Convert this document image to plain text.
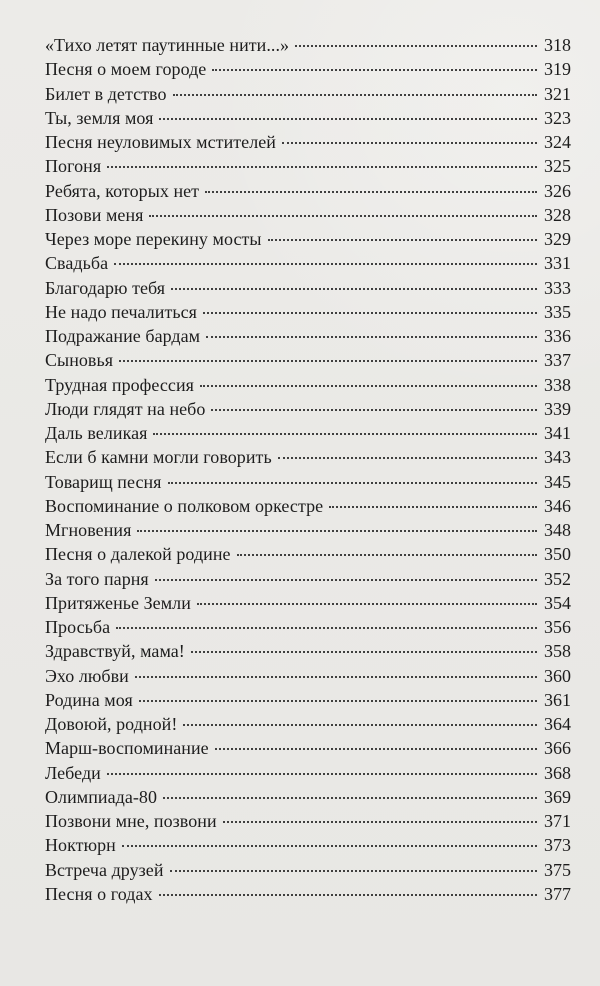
«Тихо летят паутинные нити...»	318
Песня о моем городе	319
Билет в детство	321
Ты, земля моя	323
Песня неуловимых мстителей	324
Погоня	325
Ребята, которых нет	326
Позови меня	328
Через море перекину мосты	329
Свадьба	331
Благодарю тебя	333
Не надо печалиться	335
Подражание бардам	336
Сыновья	337
Трудная профессия	338
Люди глядят на небо	339
Даль великая	341
Если б камни могли говорить	343
Товарищ песня	345
Воспоминание о полковом оркестре	346
Мгновения	348
Песня о далекой родине	350
За того парня	352
Притяженье Земли	354
Просьба	356
Здравствуй, мама!	358
Эхо любви	360
Родина моя	361
Довоюй, родной!	364
Марш-воспоминание	366
Лебеди	368
Олимпиада-80	369
Позвони мне, позвони	371
Ноктюрн	373
Встреча друзей	375
Песня о годах	377
